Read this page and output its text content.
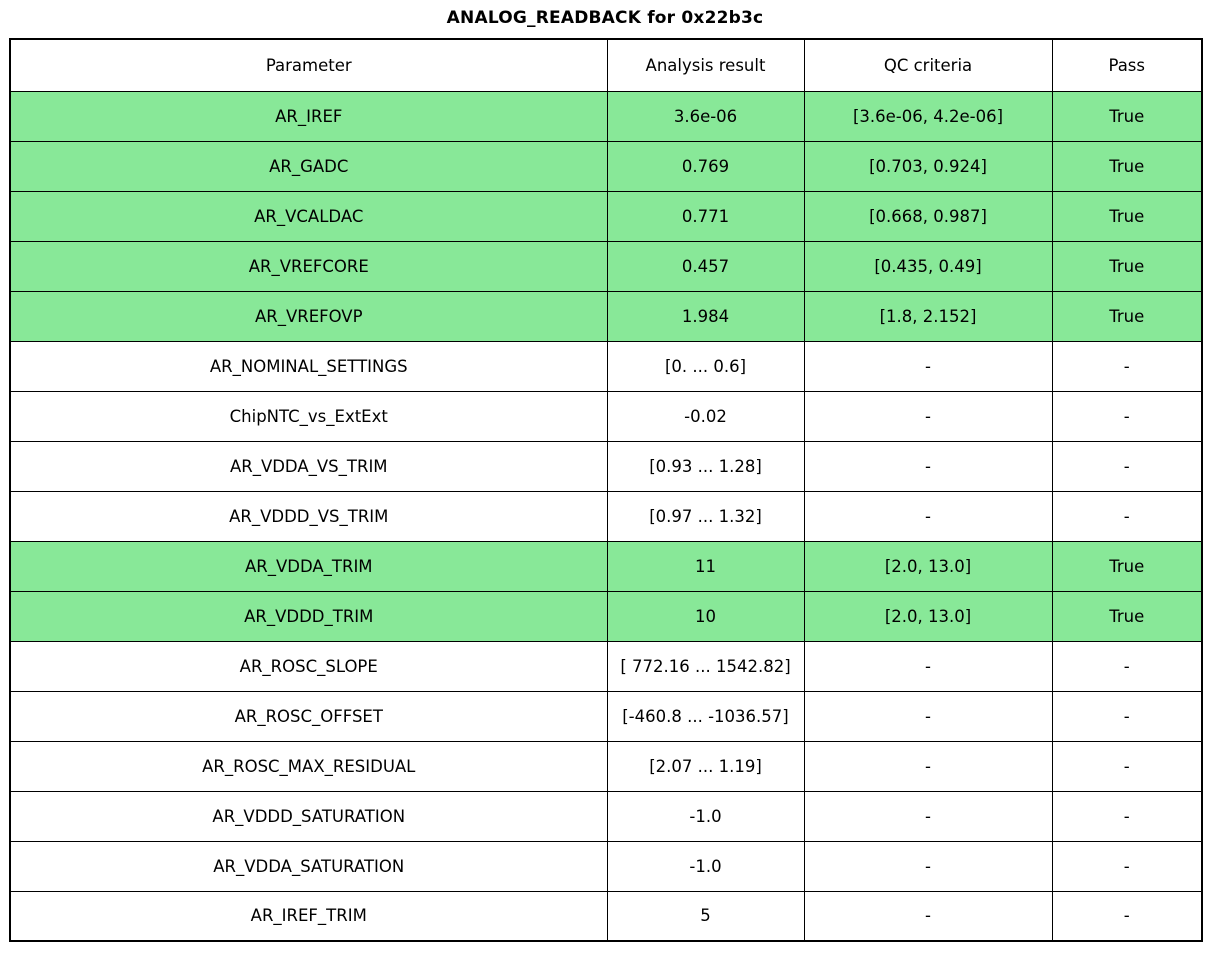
ANALOG_READBACK for 0x22b3c
Parameter	Analysis result	QC criteria	Pass
AR_IREF	3.6e-06	[3.6e-06, 4.2e-06]	True
AR_GADC	0.769	[0.703, 0.924]	True
AR_VCALDAC	0.771	[0.668, 0.987]	True
AR_VREFCORE	0.457	[0.435, 0.49]	True
AR_VREFOVP	1.984	[1.8, 2.152]	True
AR_NOMINAL_SETTINGS	[0. ... 0.6]	-	-
ChipNTC_vs_ExtExt	-0.02	-	-
AR_VDDA_VS_TRIM	[0.93 ... 1.28]	-	-
AR_VDDD_VS_TRIM	[0.97 ... 1.32]	-	-
AR_VDDA_TRIM	11	[2.0, 13.0]	True
AR_VDDD_TRIM	10	[2.0, 13.0]	True
AR_ROSC_SLOPE	[ 772.16 ... 1542.82]	-	-
AR_ROSC_OFFSET	[-460.8 ... -1036.57]	-	-
AR_ROSC_MAX_RESIDUAL	[2.07 ... 1.19]	-	-
AR_VDDD_SATURATION	-1.0	-	-
AR_VDDA_SATURATION	-1.0	-	-
AR_IREF_TRIM	5	-	-
